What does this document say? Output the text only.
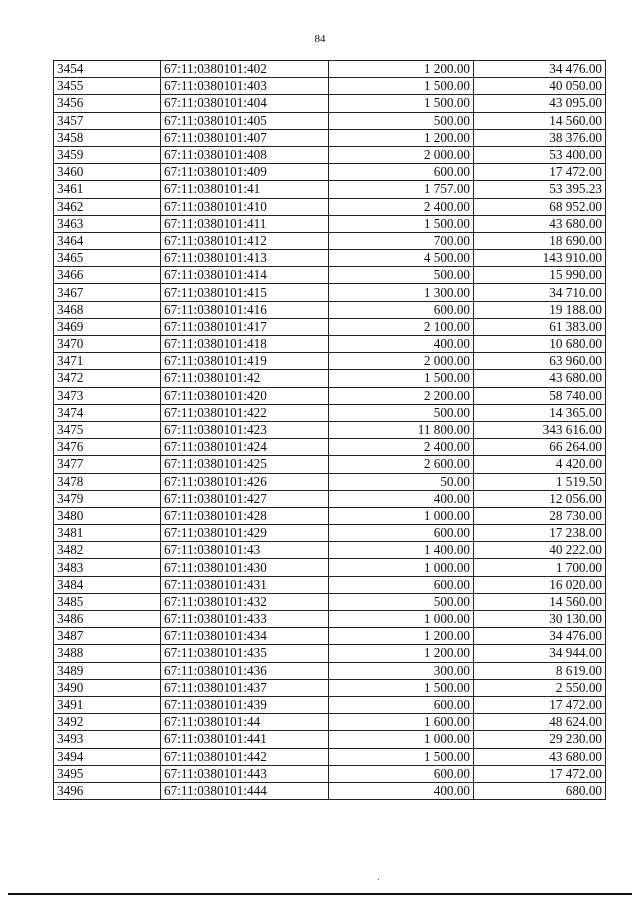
84
3454	67:11:0380101:402	1 200.00	34 476.00
3455	67:11:0380101:403	1 500.00	40 050.00
3456	67:11:0380101:404	1 500.00	43 095.00
3457	67:11:0380101:405	500.00	14 560.00
3458	67:11:0380101:407	1 200.00	38 376.00
3459	67:11:0380101:408	2 000.00	53 400.00
3460	67:11:0380101:409	600.00	17 472.00
3461	67:11:0380101:41	1 757.00	53 395.23
3462	67:11:0380101:410	2 400.00	68 952.00
3463	67:11:0380101:411	1 500.00	43 680.00
3464	67:11:0380101:412	700.00	18 690.00
3465	67:11:0380101:413	4 500.00	143 910.00
3466	67:11:0380101:414	500.00	15 990.00
3467	67:11:0380101:415	1 300.00	34 710.00
3468	67:11:0380101:416	600.00	19 188.00
3469	67:11:0380101:417	2 100.00	61 383.00
3470	67:11:0380101:418	400.00	10 680.00
3471	67:11:0380101:419	2 000.00	63 960.00
3472	67:11:0380101:42	1 500.00	43 680.00
3473	67:11:0380101:420	2 200.00	58 740.00
3474	67:11:0380101:422	500.00	14 365.00
3475	67:11:0380101:423	11 800.00	343 616.00
3476	67:11:0380101:424	2 400.00	66 264.00
3477	67:11:0380101:425	2 600.00	4 420.00
3478	67:11:0380101:426	50.00	1 519.50
3479	67:11:0380101:427	400.00	12 056.00
3480	67:11:0380101:428	1 000.00	28 730.00
3481	67:11:0380101:429	600.00	17 238.00
3482	67:11:0380101:43	1 400.00	40 222.00
3483	67:11:0380101:430	1 000.00	1 700.00
3484	67:11:0380101:431	600.00	16 020.00
3485	67:11:0380101:432	500.00	14 560.00
3486	67:11:0380101:433	1 000.00	30 130.00
3487	67:11:0380101:434	1 200.00	34 476.00
3488	67:11:0380101:435	1 200.00	34 944.00
3489	67:11:0380101:436	300.00	8 619.00
3490	67:11:0380101:437	1 500.00	2 550.00
3491	67:11:0380101:439	600.00	17 472.00
3492	67:11:0380101:44	1 600.00	48 624.00
3493	67:11:0380101:441	1 000.00	29 230.00
3494	67:11:0380101:442	1 500.00	43 680.00
3495	67:11:0380101:443	600.00	17 472.00
3496	67:11:0380101:444	400.00	680.00
